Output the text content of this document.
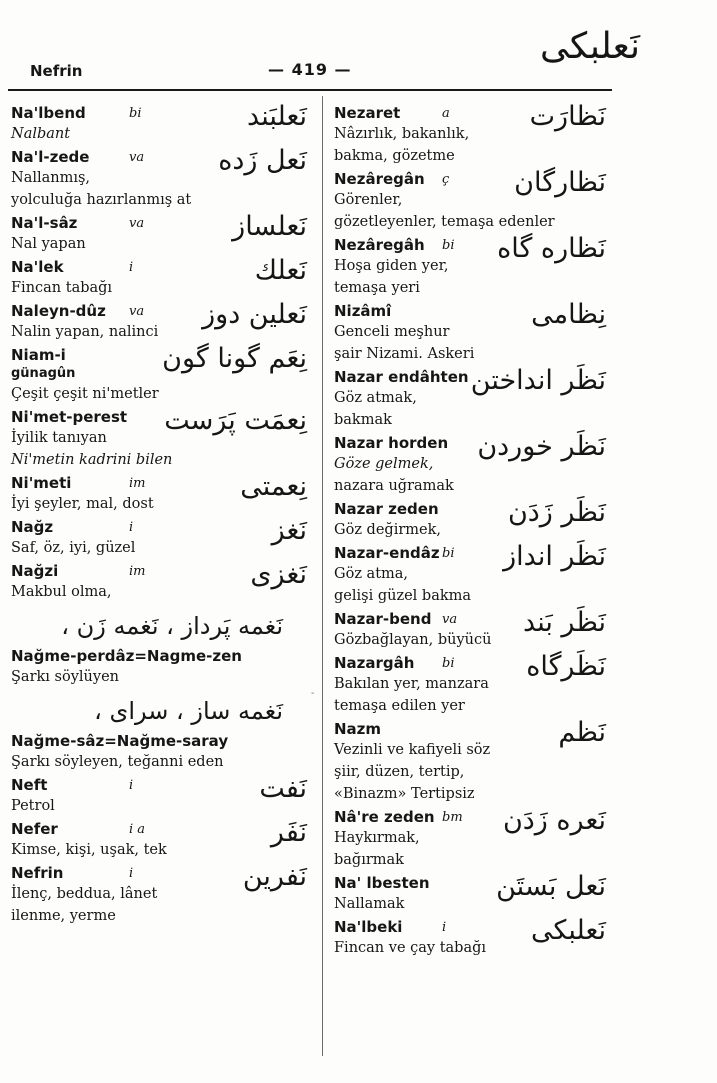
Nefrin	— 419 —
نَعلبكى
'
-
Na'lbend	bi	نَعلبَند
Nalbant
Na'l-zede	va	نَعل زَده
Nallanmış,
yolculuğa hazırlanmış at
Na'l-sâz	va	نَعلساز
Nal yapan
Na'lek	i	نَعلك
Fincan tabağı
Naleyn-dûz	va نَعلين دوز
Nalin yapan, nalinci
Niam-i	نِعَم گونا گون
günagûn
Çeşit çeşit ni'metler
Ni'met-perest	نِعمَت پَرَست
İyilik tanıyan
Ni'metin kadrini bilen
Ni'meti	im	نِعمتى
İyi şeyler, mal, dost
Nağz	i	نَغز
Saf, öz, iyi, güzel
Nağzi	im	نَغزى
Makbul olma,
نَغمه پَرداز ، نَغمه زَن ،
Nağme-perdâz=Nagme-zen
Şarkı söylüyen
نَغمه ساز ، سراى ،
Nağme-sâz=Nağme-saray
Şarkı söyleyen, teğanni eden
Neft	i	نَفت
Petrol
Nefer	i a	نَفَر
Kimse, kişi, uşak, tek
Nefrin	i	نَفرين
İlenç, beddua, lânet
ilenme, yerme
Nezaret	a	نَظارَت
Nâzırlık, bakanlık,
bakma, gözetme
Nezâregân	ç نَظارگان
Görenler,
gözetleyenler, temaşa edenler
Nezâregâh	bi نَظاره گاه
Hoşa giden yer,
temaşa yeri
Nizâmî	نِظامى
Genceli meşhur
şair Nizami. Askeri
Nazar endâhten نَظَر انداختن
Göz atmak,
bakmak
Nazar horden	نَظَر خوردن
Göze gelmek,
nazara uğramak
Nazar zeden	نَظَر زَدَن
Göz değirmek,
Nazar-endâz bi نَظَر انداز
Göz atma,
gelişi güzel bakma
Nazar-bend va نَظَر بَند
Gözbağlayan, büyücü
Nazargâh	bi	نَظَرگاه
Bakılan yer, manzara
temaşa edilen yer
Nazm	نَظم
Vezinli ve kafiyeli söz
şiir, düzen, tertip,
«Binazm» Tertipsiz
Nâ're zeden bm نَعره زَدَن
Haykırmak,
bağırmak
Na' lbesten	نَعل بَستَن
Nallamak
Na'lbeki	i	نَعلبكى
Fincan ve çay tabağı
